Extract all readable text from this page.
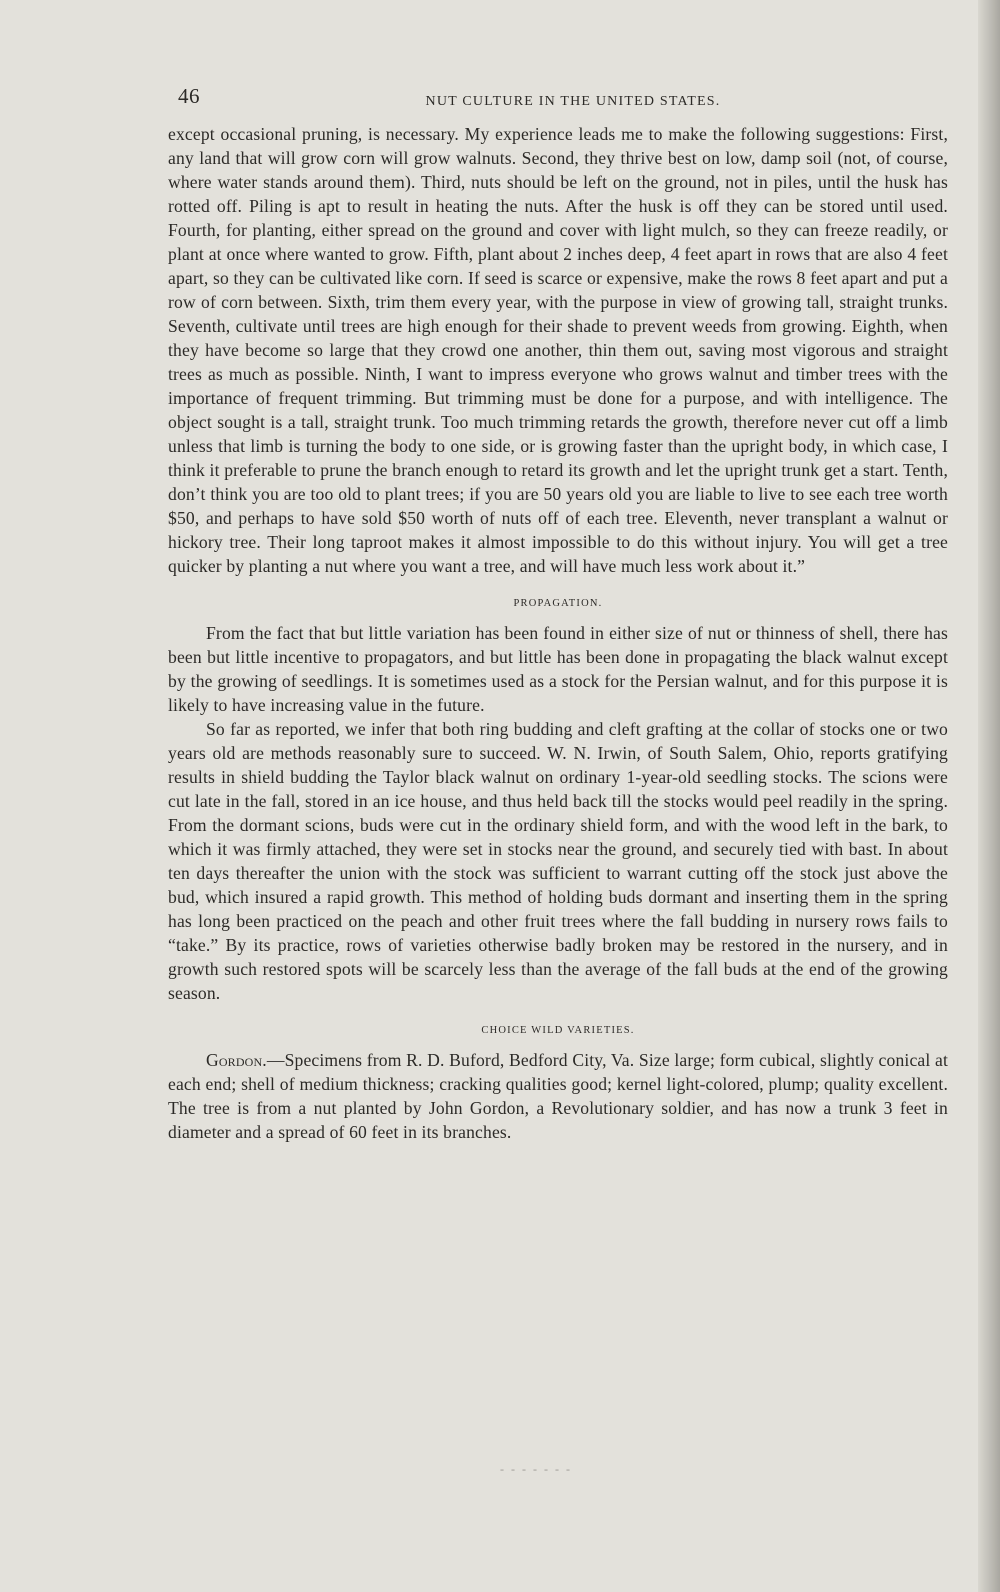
46	NUT CULTURE IN THE UNITED STATES.

except occasional pruning, is necessary. My experience leads me to make the following suggestions: First, any land that will grow corn will grow walnuts. Second, they thrive best on low, damp soil (not, of course, where water stands around them). Third, nuts should be left on the ground, not in piles, until the husk has rotted off. Piling is apt to result in heating the nuts. After the husk is off they can be stored until used. Fourth, for planting, either spread on the ground and cover with light mulch, so they can freeze readily, or plant at once where wanted to grow. Fifth, plant about 2 inches deep, 4 feet apart in rows that are also 4 feet apart, so they can be cultivated like corn. If seed is scarce or expensive, make the rows 8 feet apart and put a row of corn between. Sixth, trim them every year, with the purpose in view of growing tall, straight trunks. Seventh, cultivate until trees are high enough for their shade to prevent weeds from growing. Eighth, when they have become so large that they crowd one another, thin them out, saving most vigorous and straight trees as much as possible. Ninth, I want to impress everyone who grows walnut and timber trees with the importance of frequent trimming. But trimming must be done for a purpose, and with intelligence. The object sought is a tall, straight trunk. Too much trimming retards the growth, therefore never cut off a limb unless that limb is turning the body to one side, or is growing faster than the upright body, in which case, I think it preferable to prune the branch enough to retard its growth and let the upright trunk get a start. Tenth, don’t think you are too old to plant trees; if you are 50 years old you are liable to live to see each tree worth $50, and perhaps to have sold $50 worth of nuts off of each tree. Eleventh, never transplant a walnut or hickory tree. Their long taproot makes it almost impossible to do this without injury. You will get a tree quicker by planting a nut where you want a tree, and will have much less work about it.”

PROPAGATION.

From the fact that but little variation has been found in either size of nut or thinness of shell, there has been but little incentive to propagators, and but little has been done in propagating the black walnut except by the growing of seedlings. It is sometimes used as a stock for the Persian walnut, and for this purpose it is likely to have increasing value in the future.

So far as reported, we infer that both ring budding and cleft grafting at the collar of stocks one or two years old are methods reasonably sure to succeed. W. N. Irwin, of South Salem, Ohio, reports gratifying results in shield budding the Taylor black walnut on ordinary 1-year-old seedling stocks. The scions were cut late in the fall, stored in an ice house, and thus held back till the stocks would peel readily in the spring. From the dormant scions, buds were cut in the ordinary shield form, and with the wood left in the bark, to which it was firmly attached, they were set in stocks near the ground, and securely tied with bast. In about ten days thereafter the union with the stock was sufficient to warrant cutting off the stock just above the bud, which insured a rapid growth. This method of holding buds dormant and inserting them in the spring has long been practiced on the peach and other fruit trees where the fall budding in nursery rows fails to “take.” By its practice, rows of varieties otherwise badly broken may be restored in the nursery, and in growth such restored spots will be scarcely less than the average of the fall buds at the end of the growing season.

CHOICE WILD VARIETIES.

Gordon.—Specimens from R. D. Buford, Bedford City, Va. Size large; form cubical, slightly conical at each end; shell of medium thickness; cracking qualities good; kernel light-colored, plump; quality excellent. The tree is from a nut planted by John Gordon, a Revolutionary soldier, and has now a trunk 3 feet in diameter and a spread of 60 feet in its branches.

- - - - - - -
